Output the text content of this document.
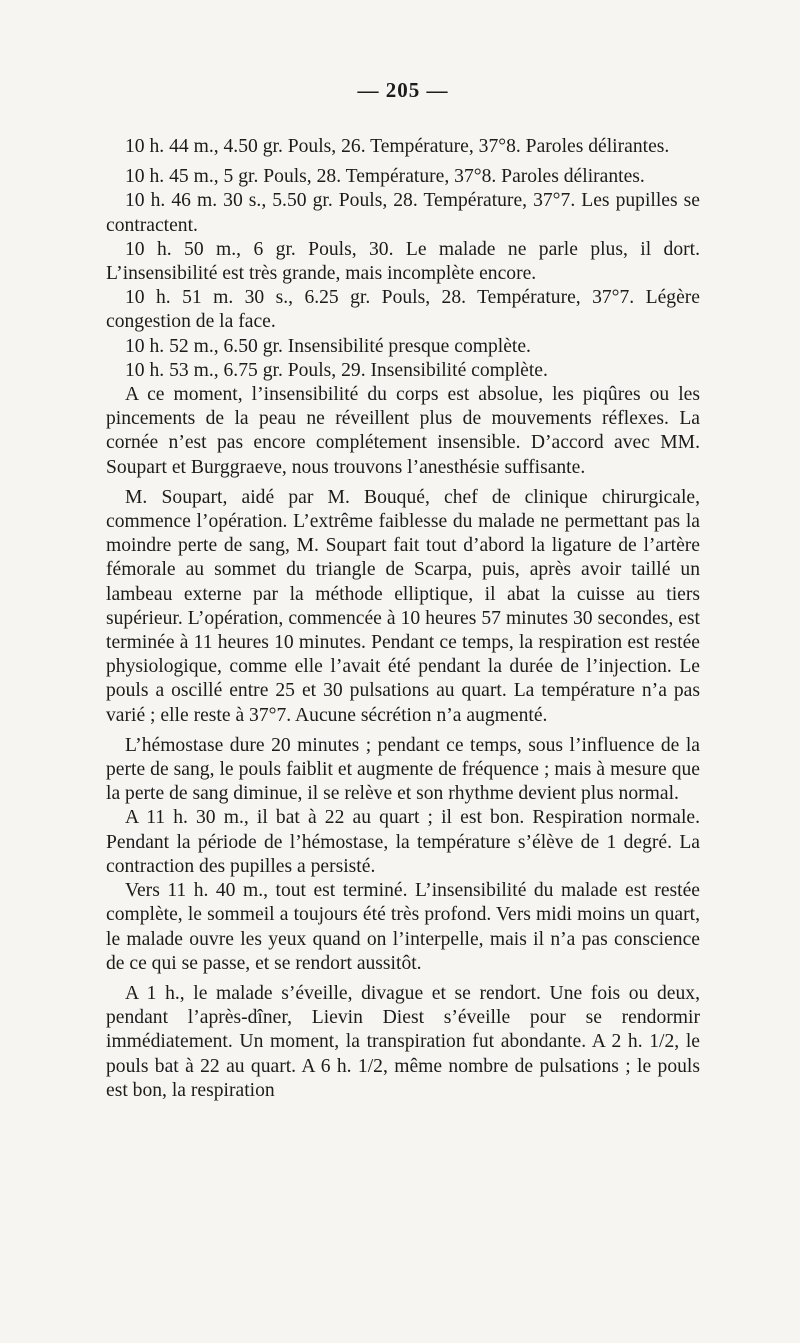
— 205 —

10 h. 44 m., 4.50 gr. Pouls, 26. Température, 37°8. Paroles délirantes.

10 h. 45 m., 5 gr. Pouls, 28. Température, 37°8. Paroles délirantes.

10 h. 46 m. 30 s., 5.50 gr. Pouls, 28. Température, 37°7. Les pupilles se contractent.

10 h. 50 m., 6 gr. Pouls, 30. Le malade ne parle plus, il dort. L’insensibilité est très grande, mais incomplète encore.

10 h. 51 m. 30 s., 6.25 gr. Pouls, 28. Température, 37°7. Légère congestion de la face.

10 h. 52 m., 6.50 gr. Insensibilité presque complète.

10 h. 53 m., 6.75 gr. Pouls, 29. Insensibilité complète.

A ce moment, l’insensibilité du corps est absolue, les piqûres ou les pincements de la peau ne réveillent plus de mouvements réflexes. La cornée n’est pas encore complétement insensible. D’accord avec MM. Soupart et Burggraeve, nous trouvons l’anesthésie suffisante.

M. Soupart, aidé par M. Bouqué, chef de clinique chirurgicale, commence l’opération. L’extrême faiblesse du malade ne permettant pas la moindre perte de sang, M. Soupart fait tout d’abord la ligature de l’artère fémorale au sommet du triangle de Scarpa, puis, après avoir taillé un lambeau externe par la méthode elliptique, il abat la cuisse au tiers supérieur. L’opération, commencée à 10 heures 57 minutes 30 secondes, est terminée à 11 heures 10 minutes. Pendant ce temps, la respiration est restée physiologique, comme elle l’avait été pendant la durée de l’injection. Le pouls a oscillé entre 25 et 30 pulsations au quart. La température n’a pas varié ; elle reste à 37°7. Aucune sécrétion n’a augmenté.

L’hémostase dure 20 minutes ; pendant ce temps, sous l’influence de la perte de sang, le pouls faiblit et augmente de fréquence ; mais à mesure que la perte de sang diminue, il se relève et son rhythme devient plus normal.

A 11 h. 30 m., il bat à 22 au quart ; il est bon. Respiration normale. Pendant la période de l’hémostase, la température s’élève de 1 degré. La contraction des pupilles a persisté.

Vers 11 h. 40 m., tout est terminé. L’insensibilité du malade est restée complète, le sommeil a toujours été très profond. Vers midi moins un quart, le malade ouvre les yeux quand on l’interpelle, mais il n’a pas conscience de ce qui se passe, et se rendort aussitôt.

A 1 h., le malade s’éveille, divague et se rendort. Une fois ou deux, pendant l’après-dîner, Lievin Diest s’éveille pour se rendormir immédiatement. Un moment, la transpiration fut abondante. A 2 h. 1/2, le pouls bat à 22 au quart. A 6 h. 1/2, même nombre de pulsations ; le pouls est bon, la respiration
